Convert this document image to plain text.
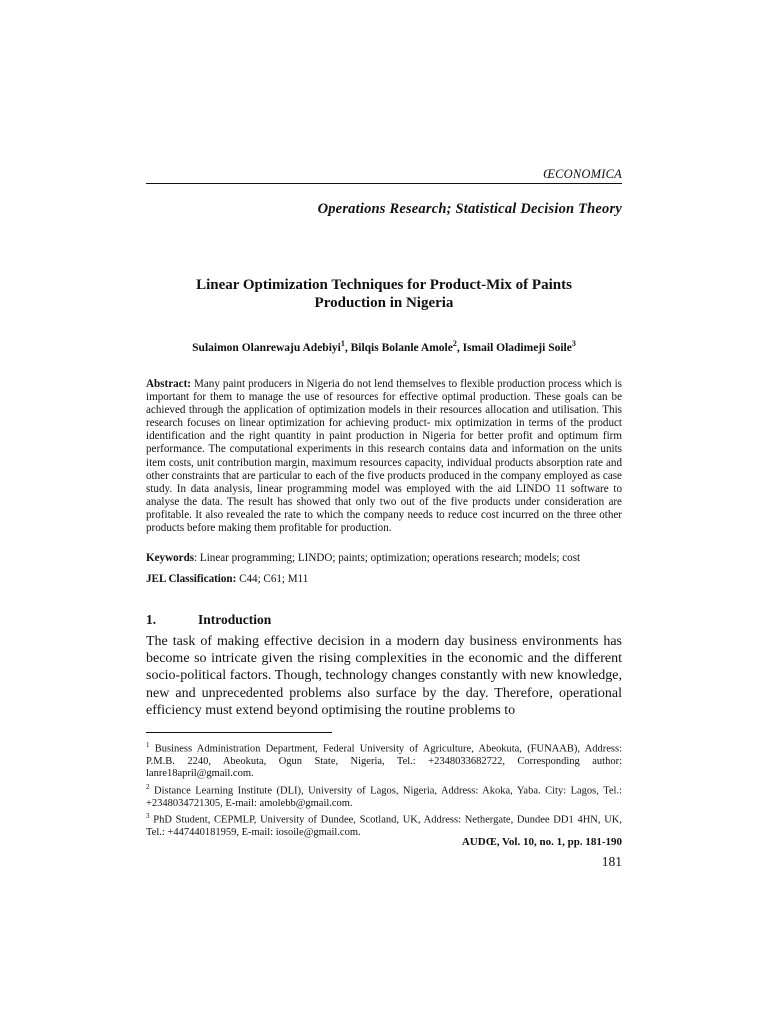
ŒCONOMICA
Operations Research; Statistical Decision Theory
Linear Optimization Techniques for Product-Mix of Paints
Production in Nigeria
Sulaimon Olanrewaju Adebiyi$^1$, Bilqis Bolanle Amole$^2$, Ismail Oladimeji Soile$^3$
Abstract: Many paint producers in Nigeria do not lend themselves to flexible production process which is important for them to manage the use of resources for effective optimal production. These goals can be achieved through the application of optimization models in their resources allocation and utilisation. This research focuses on linear optimization for achieving product- mix optimization in terms of the product identification and the right quantity in paint production in Nigeria for better profit and optimum firm performance. The computational experiments in this research contains data and information on the units item costs, unit contribution margin, maximum resources capacity, individual products absorption rate and other constraints that are particular to each of the five products produced in the company employed as case study. In data analysis, linear programming model was employed with the aid LINDO 11 software to analyse the data. The result has showed that only two out of the five products under consideration are profitable. It also revealed the rate to which the company needs to reduce cost incurred on the three other products before making them profitable for production.
Keywords: Linear programming; LINDO; paints; optimization; operations research; models; cost
JEL Classification: C44; C61; M11
1.	Introduction
The task of making effective decision in a modern day business environments has become so intricate given the rising complexities in the economic and the different socio-political factors. Though, technology changes constantly with new knowledge, new and unprecedented problems also surface by the day. Therefore, operational efficiency must extend beyond optimising the routine problems to

$^1$ Business Administration Department, Federal University of Agriculture, Abeokuta, (FUNAAB), Address: P.M.B. 2240, Abeokuta, Ogun State, Nigeria, Tel.: +2348033682722, Corresponding author: lanre18april@gmail.com.

$^2$ Distance Learning Institute (DLI), University of Lagos, Nigeria, Address: Akoka, Yaba. City: Lagos, Tel.: +2348034721305, E-mail: amolebb@gmail.com.

$^3$ PhD Student, CEPMLP, University of Dundee, Scotland, UK, Address: Nethergate, Dundee DD1 4HN, UK, Tel.: +447440181959, E-mail: iosoile@gmail.com.

AUDŒ, Vol. 10, no. 1, pp. 181-190
181
